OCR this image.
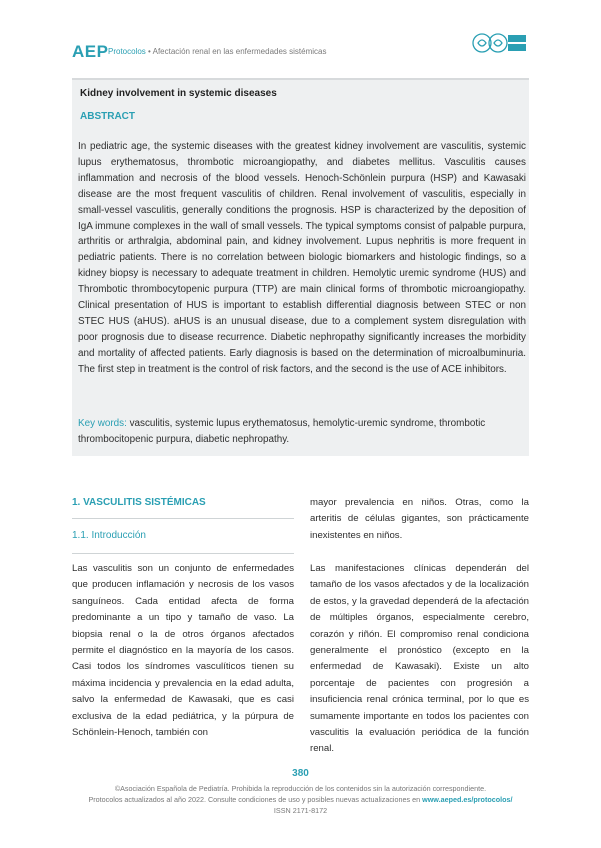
AEP Protocolos • Afectación renal en las enfermedades sistémicas
Kidney involvement in systemic diseases
ABSTRACT
In pediatric age, the systemic diseases with the greatest kidney involvement are vasculitis, systemic lupus erythematosus, thrombotic microangiopathy, and diabetes mellitus. Vasculitis causes inflammation and necrosis of the blood vessels. Henoch-Schönlein purpura (HSP) and Kawasaki disease are the most frequent vasculitis of children. Renal involvement of vasculitis, especially in small-vessel vasculitis, generally conditions the prognosis. HSP is characterized by the deposition of IgA immune complexes in the wall of small vessels. The typical symptoms consist of palpable purpura, arthritis or arthralgia, abdominal pain, and kidney involvement. Lupus nephritis is more frequent in pediatric patients. There is no correlation between biologic biomarkers and histologic findings, so a kidney biopsy is necessary to adequate treatment in children. Hemolytic uremic syndrome (HUS) and Thrombotic thrombocytopenic purpura (TTP) are main clinical forms of thrombotic microangiopathy. Clinical presentation of HUS is important to establish differential diagnosis between STEC or non STEC HUS (aHUS). aHUS is an unusual disease, due to a complement system disregulation with poor prognosis due to disease recurrence. Diabetic nephropathy significantly increases the morbidity and mortality of affected patients. Early diagnosis is based on the determination of microalbuminuria. The first step in treatment is the control of risk factors, and the second is the use of ACE inhibitors.
Key words: vasculitis, systemic lupus erythematosus, hemolytic-uremic syndrome, thrombotic thrombocitopenic purpura, diabetic nephropathy.
1. VASCULITIS SISTÉMICAS
1.1. Introducción
Las vasculitis son un conjunto de enfermedades que producen inflamación y necrosis de los vasos sanguíneos. Cada entidad afecta de forma predominante a un tipo y tamaño de vaso. La biopsia renal o la de otros órganos afectados permite el diagnóstico en la mayoría de los casos. Casi todos los síndromes vasculíticos tienen su máxima incidencia y prevalencia en la edad adulta, salvo la enfermedad de Kawasaki, que es casi exclusiva de la edad pediátrica, y la púrpura de Schönlein-Henoch, también con
mayor prevalencia en niños. Otras, como la arteritis de células gigantes, son prácticamente inexistentes en niños.
Las manifestaciones clínicas dependerán del tamaño de los vasos afectados y de la localización de estos, y la gravedad dependerá de la afectación de múltiples órganos, especialmente cerebro, corazón y riñón. El compromiso renal condiciona generalmente el pronóstico (excepto en la enfermedad de Kawasaki). Existe un alto porcentaje de pacientes con progresión a insuficiencia renal crónica terminal, por lo que es sumamente importante en todos los pacientes con vasculitis la evaluación periódica de la función renal.
380
©Asociación Española de Pediatría. Prohibida la reproducción de los contenidos sin la autorización correspondiente.
Protocolos actualizados al año 2022. Consulte condiciones de uso y posibles nuevas actualizaciones en www.aeped.es/protocolos/
ISSN 2171-8172
